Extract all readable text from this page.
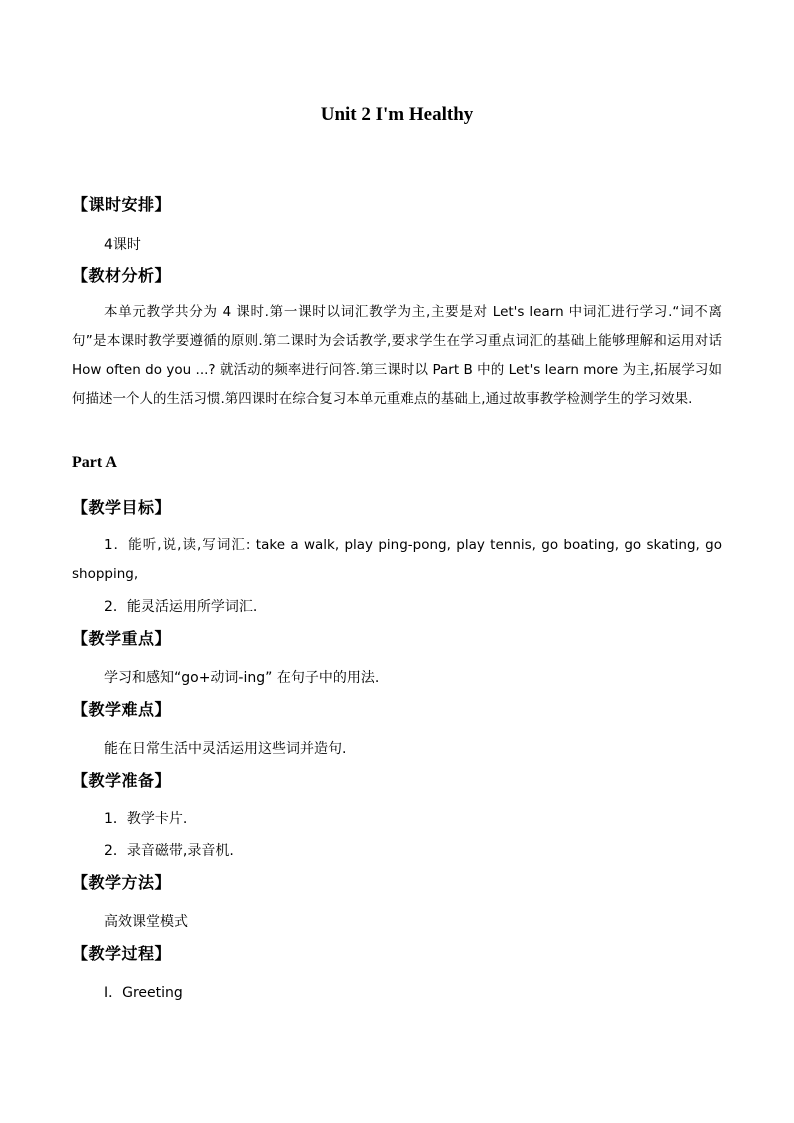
Unit 2 I'm Healthy
【课时安排】
4课时
【教材分析】
本单元教学共分为 4 课时.第一课时以词汇教学为主,主要是对 Let's learn 中词汇进行学习.“词不离句”是本课时教学要遵循的原则.第二课时为会话教学,要求学生在学习重点词汇的基础上能够理解和运用对话 How often do you ...? 就活动的频率进行问答.第三课时以 Part B 中的 Let's learn more 为主,拓展学习如何描述一个人的生活习惯.第四课时在综合复习本单元重难点的基础上,通过故事教学检测学生的学习效果.
Part A
【教学目标】
1．能听,说,读,写词汇: take a walk, play ping-pong, play tennis, go boating, go skating, go shopping,
2．能灵活运用所学词汇.
【教学重点】
学习和感知“go+动词-ing” 在句子中的用法.
【教学难点】
能在日常生活中灵活运用这些词并造句.
【教学准备】
1．教学卡片.
2．录音磁带,录音机.
【教学方法】
高效课堂模式
【教学过程】
Ⅰ．Greeting
